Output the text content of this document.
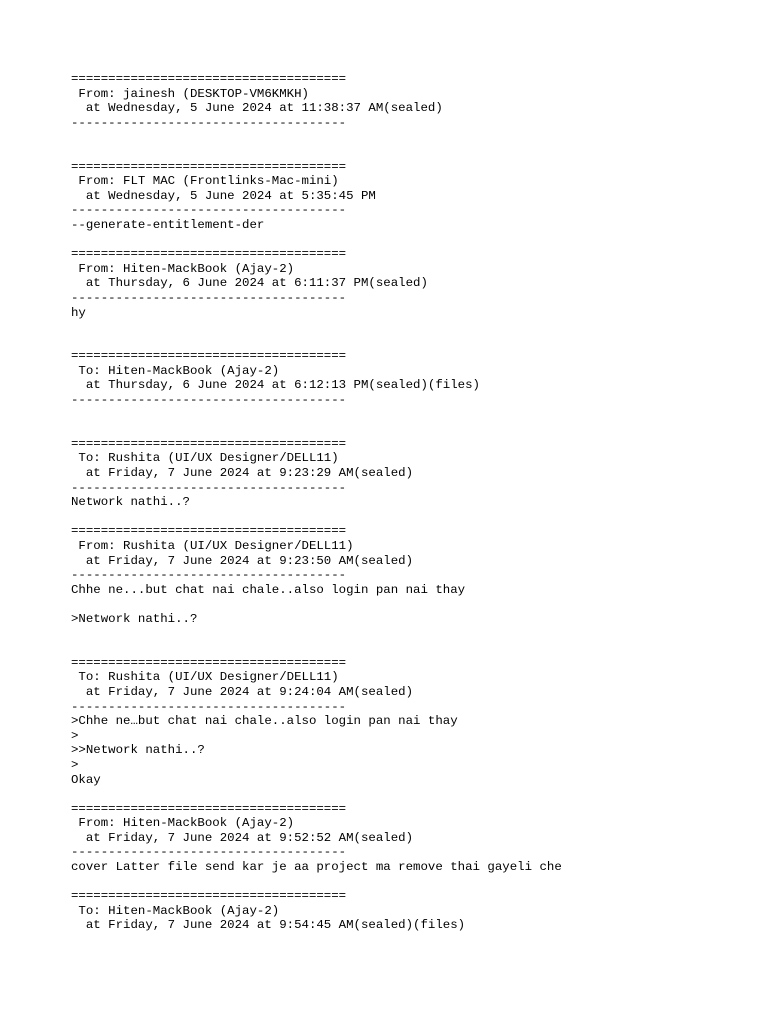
=====================================
From: jainesh (DESKTOP-VM6KMKH)
at Wednesday, 5 June 2024 at 11:38:37 AM(sealed)
-------------------------------------
=====================================
From: FLT MAC (Frontlinks-Mac-mini)
at Wednesday, 5 June 2024 at 5:35:45 PM
-------------------------------------
--generate-entitlement-der
=====================================
From: Hiten-MackBook (Ajay-2)
at Thursday, 6 June 2024 at 6:11:37 PM(sealed)
-------------------------------------
hy
=====================================
To: Hiten-MackBook (Ajay-2)
at Thursday, 6 June 2024 at 6:12:13 PM(sealed)(files)
-------------------------------------
=====================================
To: Rushita (UI/UX Designer/DELL11)
at Friday, 7 June 2024 at 9:23:29 AM(sealed)
-------------------------------------
Network nathi..?
=====================================
From: Rushita (UI/UX Designer/DELL11)
at Friday, 7 June 2024 at 9:23:50 AM(sealed)
-------------------------------------
Chhe ne...but chat nai chale..also login pan nai thay
>Network nathi..?
=====================================
To: Rushita (UI/UX Designer/DELL11)
at Friday, 7 June 2024 at 9:24:04 AM(sealed)
-------------------------------------
>Chhe ne…but chat nai chale..also login pan nai thay
>
>>Network nathi..?
>
Okay
=====================================
From: Hiten-MackBook (Ajay-2)
at Friday, 7 June 2024 at 9:52:52 AM(sealed)
-------------------------------------
cover Latter file send kar je aa project ma remove thai gayeli che
=====================================
To: Hiten-MackBook (Ajay-2)
at Friday, 7 June 2024 at 9:54:45 AM(sealed)(files)
